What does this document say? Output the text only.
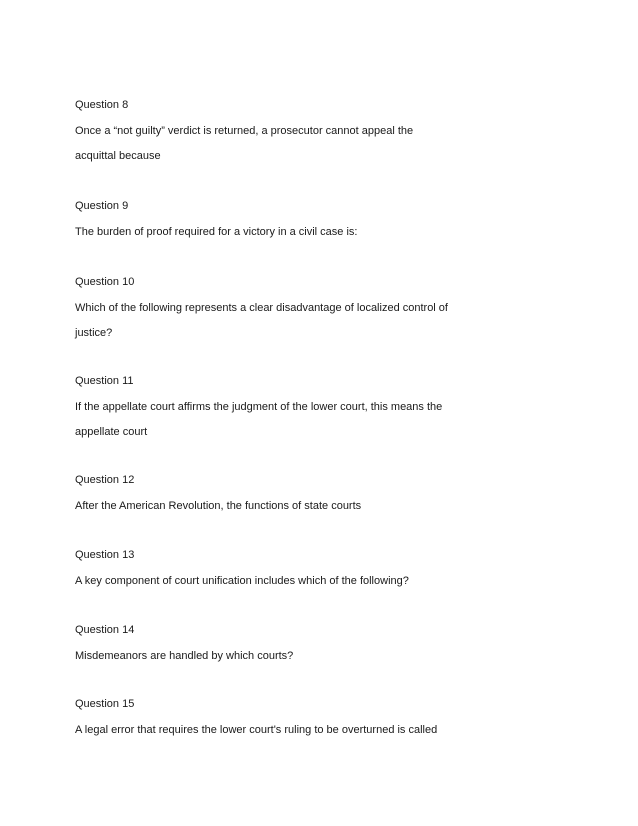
Question 8
Once a “not guilty” verdict is returned, a prosecutor cannot appeal the
acquittal because
Question 9
The burden of proof required for a victory in a civil case is:
Question 10
Which of the following represents a clear disadvantage of localized control of
justice?
Question 11
If the appellate court affirms the judgment of the lower court, this means the
appellate court
Question 12
After the American Revolution, the functions of state courts
Question 13
A key component of court unification includes which of the following?
Question 14
Misdemeanors are handled by which courts?
Question 15
A legal error that requires the lower court's ruling to be overturned is called
